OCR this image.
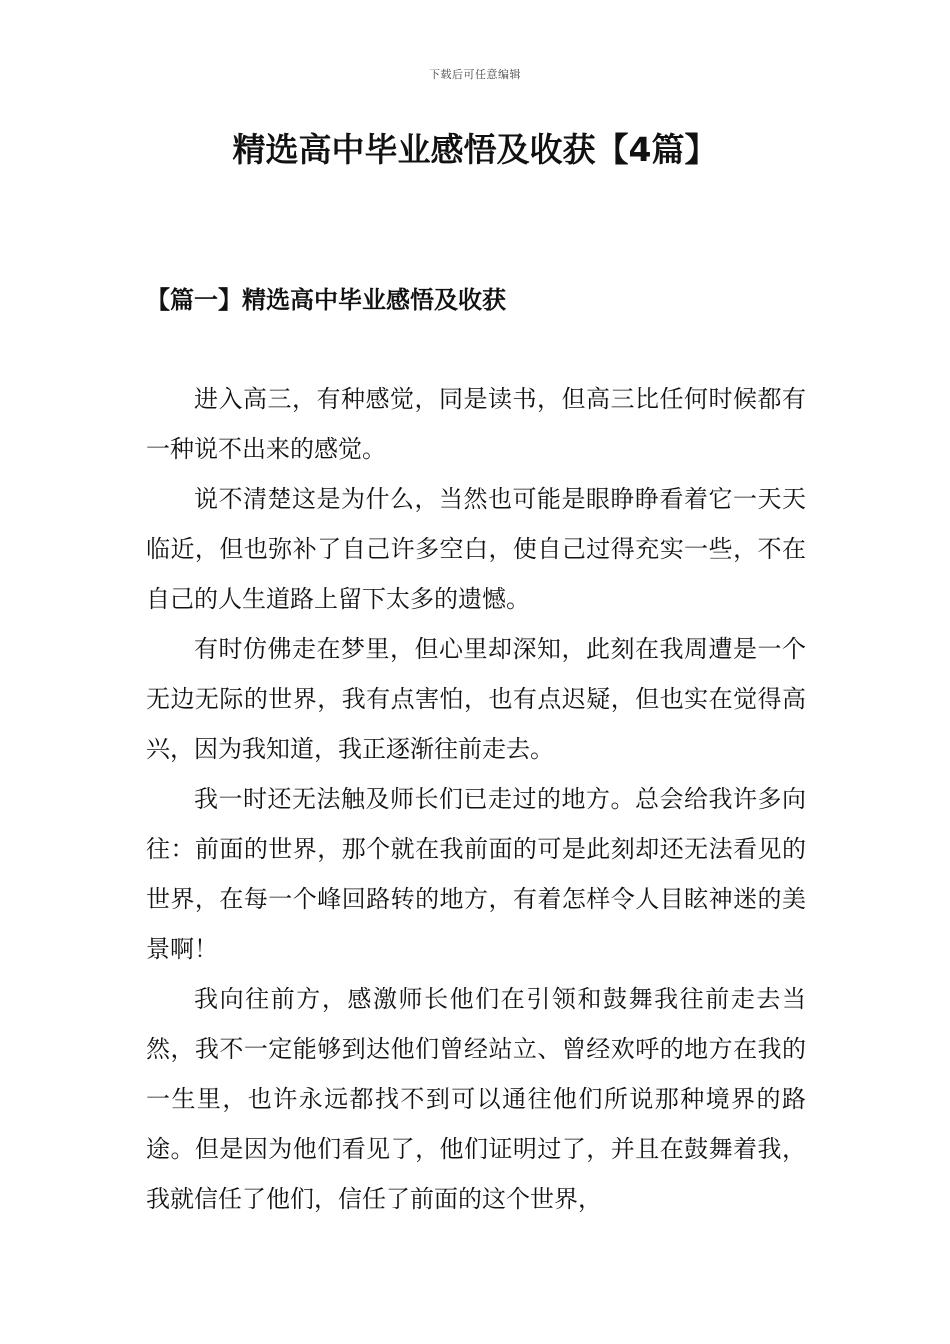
下载后可任意编辑
精选高中毕业感悟及收获【4篇】
【篇一】精选高中毕业感悟及收获

进入高三，有种感觉，同是读书，但高三比任何时候都有一种说不出来的感觉。

说不清楚这是为什么，当然也可能是眼睁睁看着它一天天临近，但也弥补了自己许多空白，使自己过得充实一些，不在自己的人生道路上留下太多的遗憾。

有时仿佛走在梦里，但心里却深知，此刻在我周遭是一个无边无际的世界，我有点害怕，也有点迟疑，但也实在觉得高兴，因为我知道，我正逐渐往前走去。

我一时还无法触及师长们已走过的地方。总会给我许多向往：前面的世界，那个就在我前面的可是此刻却还无法看见的世界，在每一个峰回路转的地方，有着怎样令人目眩神迷的美景啊！

我向往前方，感激师长他们在引领和鼓舞我往前走去当然，我不一定能够到达他们曾经站立、曾经欢呼的地方在我的一生里，也许永远都找不到可以通往他们所说那种境界的路途。但是因为他们看见了，他们证明过了，并且在鼓舞着我，我就信任了他们，信任了前面的这个世界，
